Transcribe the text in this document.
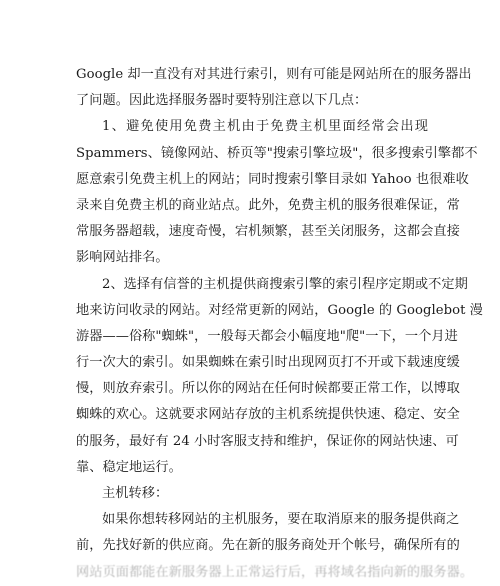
Google 却一直没有对其进行索引，则有可能是网站所在的服务器出
了问题。因此选择服务器时要特别注意以下几点：
1、避免使用免费主机由于免费主机里面经常会出现
Spammers、镜像网站、桥页等"搜索引擎垃圾"，很多搜索引擎都不
愿意索引免费主机上的网站；同时搜索引擎目录如 Yahoo 也很难收
录来自免费主机的商业站点。此外，免费主机的服务很难保证，常
常服务器超载，速度奇慢，宕机频繁，甚至关闭服务，这都会直接
影响网站排名。
2、选择有信誉的主机提供商搜索引擎的索引程序定期或不定期
地来访问收录的网站。对经常更新的网站，Google 的 Googlebot 漫
游器——俗称"蜘蛛"，一般每天都会小幅度地"爬"一下，一个月进
行一次大的索引。如果蜘蛛在索引时出现网页打不开或下载速度缓
慢，则放弃索引。所以你的网站在任何时候都要正常工作，以博取
蜘蛛的欢心。这就要求网站存放的主机系统提供快速、稳定、安全
的服务，最好有 24 小时客服支持和维护，保证你的网站快速、可
靠、稳定地运行。
主机转移：
如果你想转移网站的主机服务，要在取消原来的服务提供商之
前，先找好新的供应商。先在新的服务商处开个帐号，确保所有的
网站页面都能在新服务器上正常运行后，再将域名指向新的服务器。
